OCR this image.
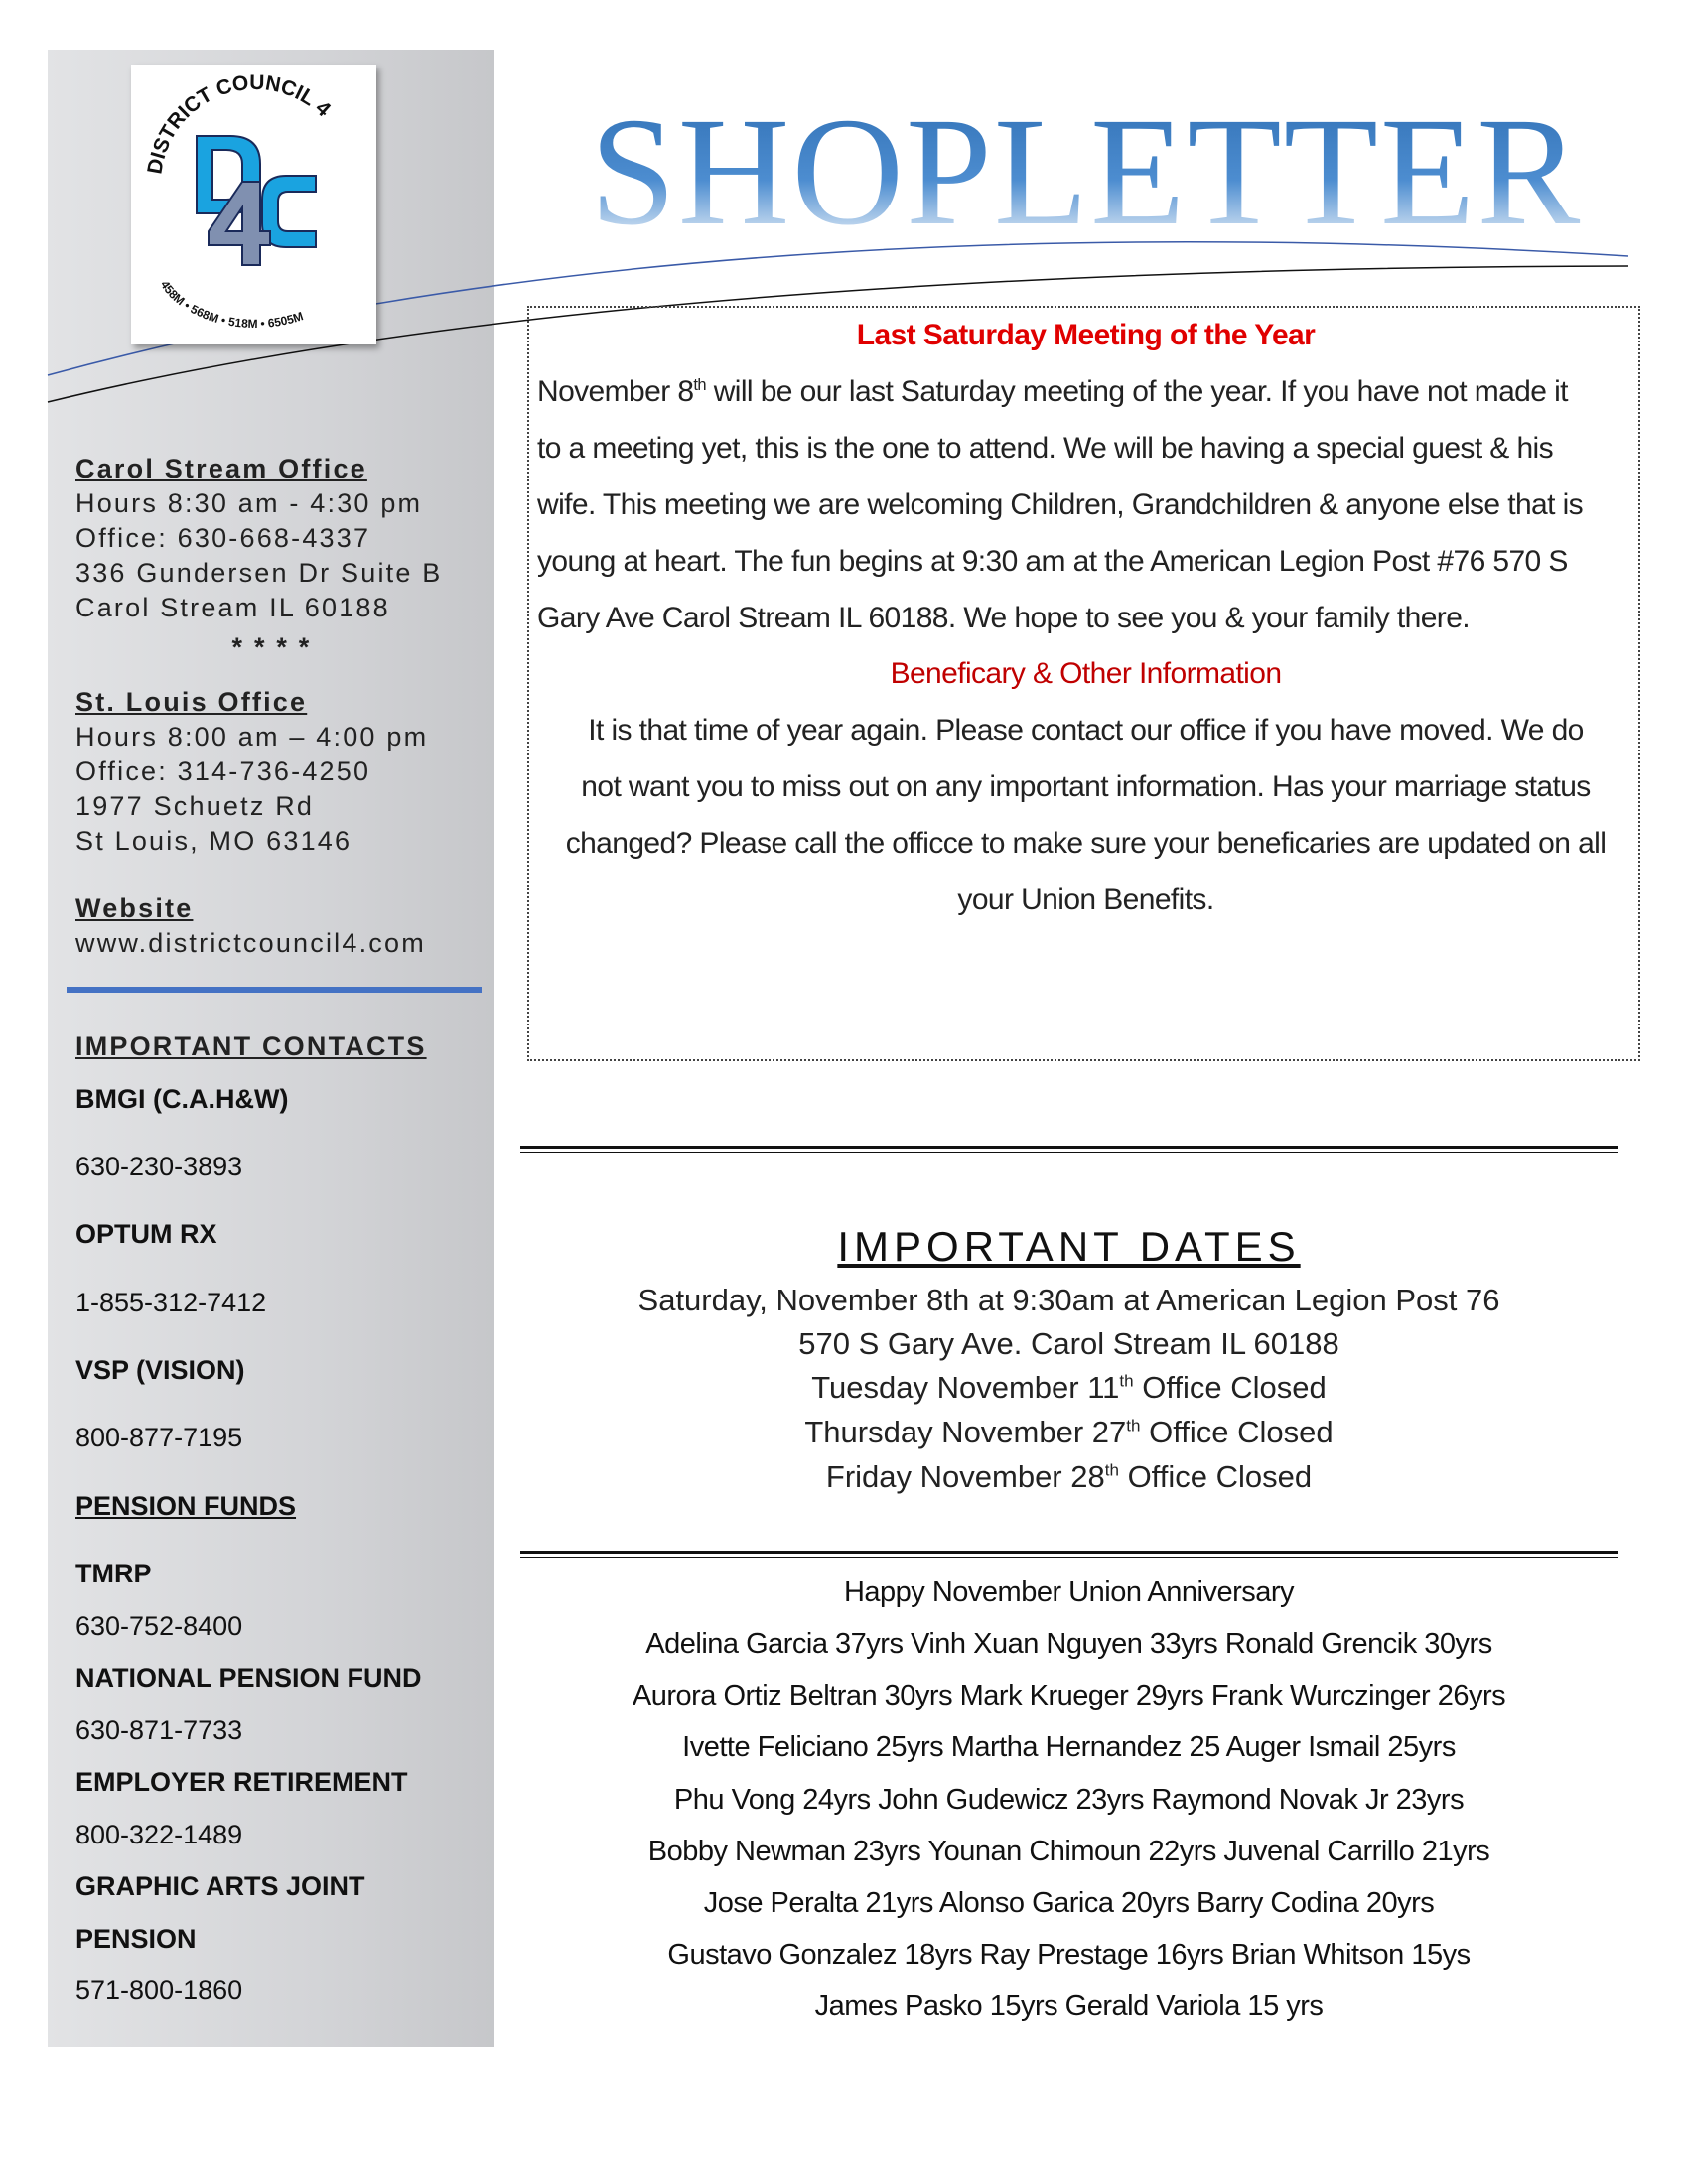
DISTRICT COUNCIL 4
458M • 568M • 518M • 6505M
SHOPLETTER
Carol Stream Office
Hours 8:30 am - 4:30 pm
Office: 630-668-4337
336 Gundersen Dr Suite B
Carol Stream IL 60188
* * * *
St. Louis Office
Hours 8:00 am – 4:00 pm
Office: 314-736-4250
1977 Schuetz Rd
St Louis, MO 63146
Website
www.districtcouncil4.com
IMPORTANT CONTACTS
Last Saturday Meeting of the Year
November 8th will be our last Saturday meeting of the year. If you have not made it
Beneficary & Other Information
IMPORTANT DATES
Saturday, November 8th at 9:30am at American Legion Post 76
570 S Gary Ave. Carol Stream IL 60188
Happy November Union Anniversary
BMGI (C.A.H&W)
630-230-3893
OPTUM RX
1-855-312-7412
VSP (VISION)
800-877-7195
PENSION FUNDS
TMRP
630-752-8400
NATIONAL PENSION FUND
630-871-7733
EMPLOYER RETIREMENT
800-322-1489
GRAPHIC ARTS JOINT
PENSION
571-800-1860
to a meeting yet, this is the one to attend. We will be having a special guest & his
wife. This meeting we are welcoming Children, Grandchildren & anyone else that is
young at heart. The fun begins at 9:30 am at the American Legion Post #76 570 S
Gary Ave Carol Stream IL 60188. We hope to see you & your family there.
It is that time of year again. Please contact our office if you have moved. We do
not want you to miss out on any important information. Has your marriage status
changed? Please call the officce to make sure your beneficaries are updated on all
your Union Benefits.
Tuesday November 11th Office Closed
Thursday November 27th Office Closed
Friday November 28th Office Closed
Adelina Garcia 37yrs Vinh Xuan Nguyen 33yrs Ronald Grencik 30yrs
Aurora Ortiz Beltran 30yrs Mark Krueger 29yrs Frank Wurczinger 26yrs
Ivette Feliciano 25yrs Martha Hernandez 25 Auger Ismail 25yrs
Phu Vong 24yrs John Gudewicz 23yrs Raymond Novak Jr 23yrs
Bobby Newman 23yrs Younan Chimoun 22yrs Juvenal Carrillo 21yrs
Jose Peralta 21yrs Alonso Garica 20yrs Barry Codina 20yrs
Gustavo Gonzalez 18yrs Ray Prestage 16yrs Brian Whitson 15ys
James Pasko 15yrs Gerald Variola 15 yrs
